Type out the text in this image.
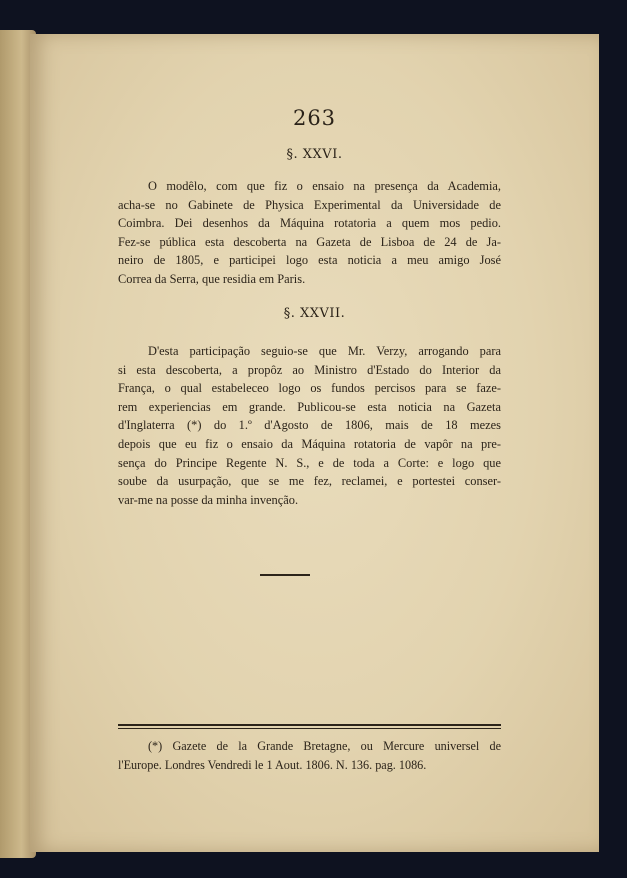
263
§. XXVI.
O modêlo, com que fiz o ensaio na presença da Academia,
acha-se no Gabinete de Physica Experimental da Universidade de
Coimbra. Dei desenhos da Máquina rotatoria a quem mos pedio.
Fez-se pública esta descoberta na Gazeta de Lisboa de 24 de Ja-
neiro de 1805, e participei logo esta noticia a meu amigo José
Correa da Serra, que residia em Paris.
§. XXVII.
D'esta participação seguio-se que Mr. Verzy, arrogando para
si esta descoberta, a propôz ao Ministro d'Estado do Interior da
França, o qual estabeleceo logo os fundos percisos para se faze-
rem experiencias em grande. Publicou-se esta noticia na Gazeta
d'Inglaterra (*) do 1.º d'Agosto de 1806, mais de 18 mezes
depois que eu fiz o ensaio da Máquina rotatoria de vapôr na pre-
sença do Principe Regente N. S., e de toda a Corte: e logo que
soube da usurpação, que se me fez, reclamei, e portestei conser-
var-me na posse da minha invenção.
(*) Gazete de la Grande Bretagne, ou Mercure universel de
l'Europe. Londres Vendredi le 1 Aout. 1806. N. 136. pag. 1086.
